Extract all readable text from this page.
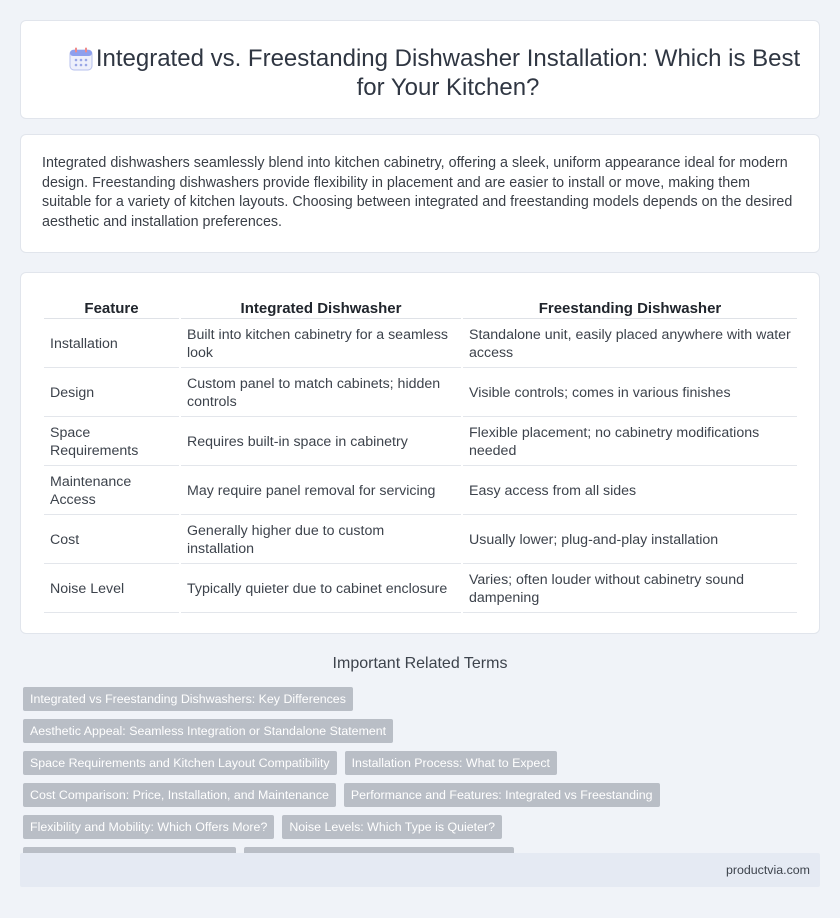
Integrated vs. Freestanding Dishwasher Installation: Which is Best for Your Kitchen?

Integrated dishwashers seamlessly blend into kitchen cabinetry, offering a sleek, uniform appearance ideal for modern design. Freestanding dishwashers provide flexibility in placement and are easier to install or move, making them suitable for a variety of kitchen layouts. Choosing between integrated and freestanding models depends on the desired aesthetic and installation preferences.

Feature	Integrated Dishwasher	Freestanding Dishwasher
Installation	Built into kitchen cabinetry for a seamless look	Standalone unit, easily placed anywhere with water access
Design	Custom panel to match cabinets; hidden controls	Visible controls; comes in various finishes
Space Requirements	Requires built-in space in cabinetry	Flexible placement; no cabinetry modifications needed
Maintenance Access	May require panel removal for servicing	Easy access from all sides
Cost	Generally higher due to custom installation	Usually lower; plug-and-play installation
Noise Level	Typically quieter due to cabinet enclosure	Varies; often louder without cabinetry sound dampening
Important Related Terms
Integrated vs Freestanding Dishwashers: Key Differences
Aesthetic Appeal: Seamless Integration or Standalone Statement
Space Requirements and Kitchen Layout Compatibility	Installation Process: What to Expect
Cost Comparison: Price, Installation, and Maintenance	Performance and Features: Integrated vs Freestanding
Flexibility and Mobility: Which Offers More?	Noise Levels: Which Type is Quieter?
productvia.com
